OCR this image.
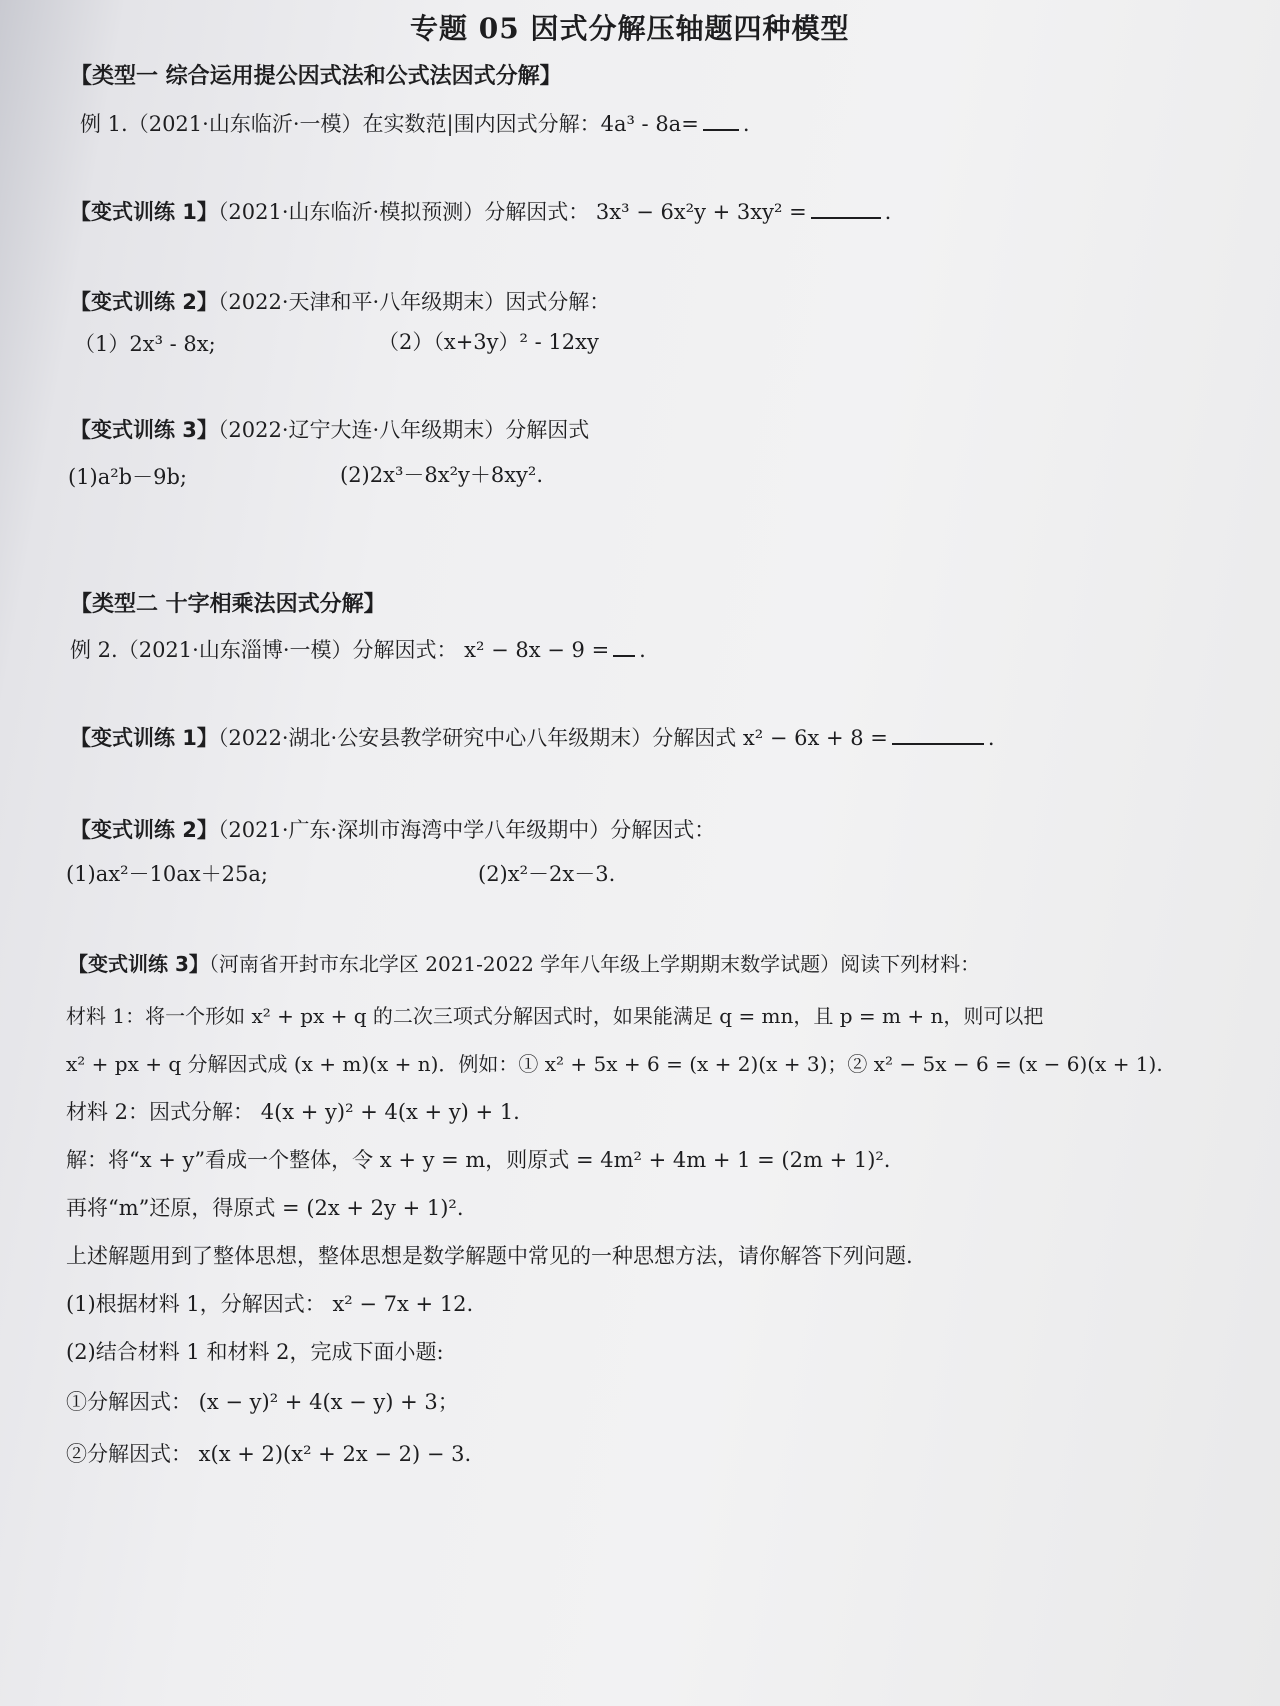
专题 05 因式分解压轴题四种模型
【类型一 综合运用提公因式法和公式法因式分解】
例 1.（2021·山东临沂·一模）在实数范|围内因式分解：4a³ - 8a= .
【变式训练 1】（2021·山东临沂·模拟预测）分解因式： 3x³ − 6x²y + 3xy² =	.
【变式训练 2】（2022·天津和平·八年级期末）因式分解：
（1）2x³ - 8x;	（2）（x+3y）² - 12xy
【变式训练 3】（2022·辽宁大连·八年级期末）分解因式
(1)a²b－9b;	(2)2x³－8x²y＋8xy².
【类型二 十字相乘法因式分解】
例 2.（2021·山东淄博·一模）分解因式： x² − 8x − 9 = .
【变式训练 1】（2022·湖北·公安县教学研究中心八年级期末）分解因式 x² − 6x + 8 =	.
【变式训练 2】（2021·广东·深圳市海湾中学八年级期中）分解因式：
(1)ax²－10ax＋25a;	(2)x²－2x－3.
【变式训练 3】（河南省开封市东北学区 2021-2022 学年八年级上学期期末数学试题）阅读下列材料：
材料 1：将一个形如 x² + px + q 的二次三项式分解因式时，如果能满足 q = mn，且 p = m + n，则可以把
x² + px + q 分解因式成 (x + m)(x + n)．例如：① x² + 5x + 6 = (x + 2)(x + 3)；② x² − 5x − 6 = (x − 6)(x + 1).
材料 2：因式分解： 4(x + y)² + 4(x + y) + 1.
解：将“x + y”看成一个整体，令 x + y = m，则原式 = 4m² + 4m + 1 = (2m + 1)².
再将“m”还原，得原式 = (2x + 2y + 1)².
上述解题用到了整体思想，整体思想是数学解题中常见的一种思想方法，请你解答下列问题.
(1)根据材料 1，分解因式： x² − 7x + 12.
(2)结合材料 1 和材料 2，完成下面小题:
①分解因式： (x − y)² + 4(x − y) + 3；
②分解因式： x(x + 2)(x² + 2x − 2) − 3.
